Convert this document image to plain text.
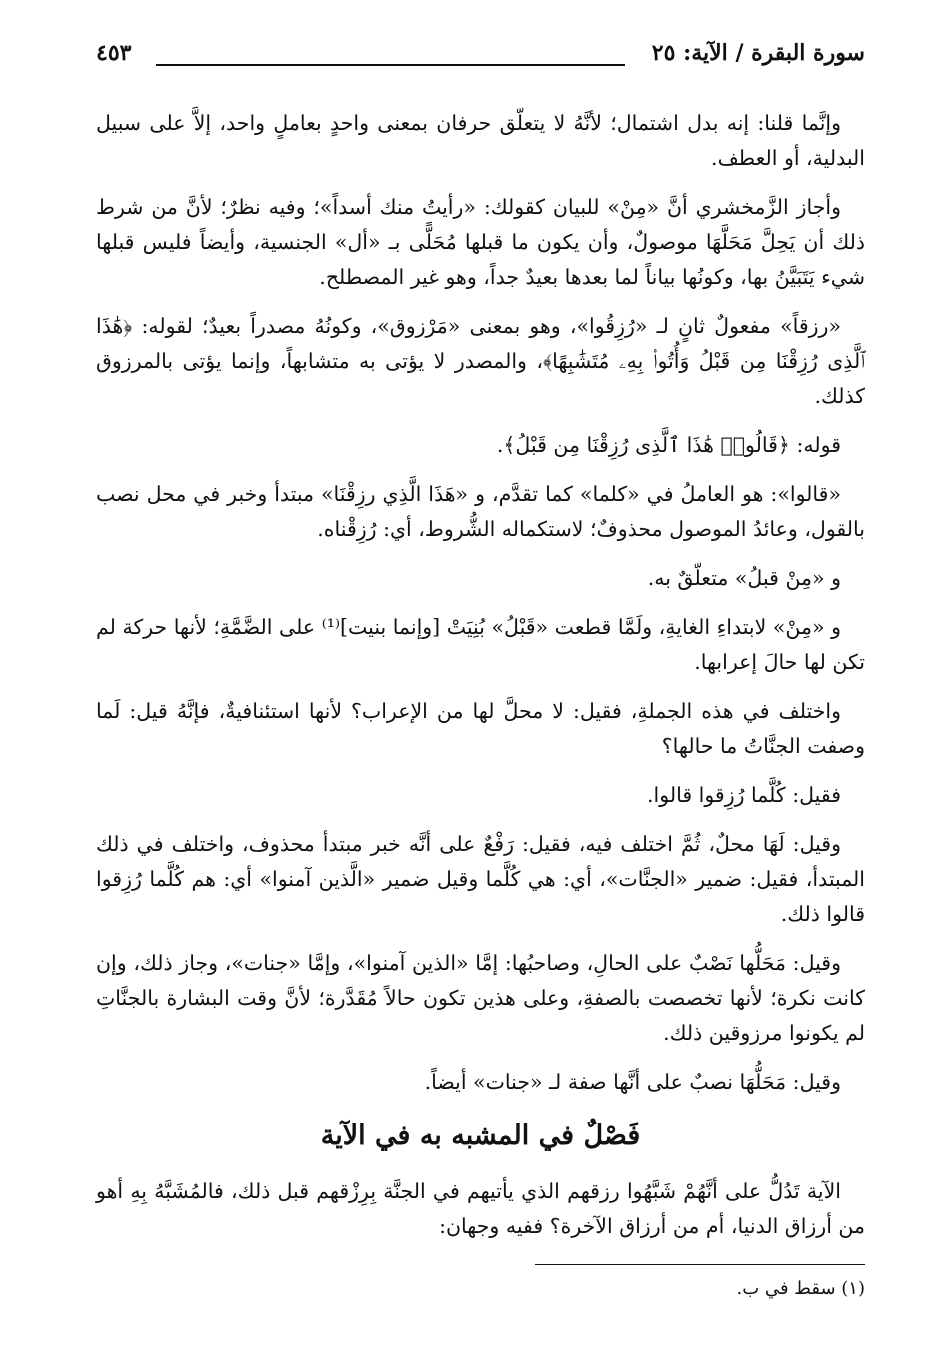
سورة البقرة / الآية: ٢٥
٤٥٣

وإنَّما قلنا: إنه بدل اشتمال؛ لأنَّهُ لا يتعلّق حرفان بمعنى واحدٍ بعاملٍ واحد، إلاَّ على سبيل البدلية، أو العطف.

وأجاز الزَّمخشري أنَّ «مِنْ» للبيان كقولك: «رأيتُ منك أسداً»؛ وفيه نظرٌ؛ لأنَّ من شرط ذلك أن يَحِلَّ مَحَلَّهَا موصولٌ، وأن يكون ما قبلها مُحَلًّى بـ «أل» الجنسية، وأيضاً فليس قبلها شيء يَتَبَيَّنُ بها، وكونُها بياناً لما بعدها بعيدٌ جداً، وهو غير المصطلح.

«رزقاً» مفعولٌ ثانٍ لـ «رُزِقُوا»، وهو بمعنى «مَرْزوق»، وكونُهُ مصدراً بعيدٌ؛ لقوله: ﴿هَٰذَا ٱلَّذِى رُزِقْنَا مِن قَبْلُ وَأُتُوا۟ بِهِۦ مُتَشَٰبِهًا﴾، والمصدر لا يؤتى به متشابهاً، وإنما يؤتى بالمرزوق كذلك.

قوله: ﴿قَالُوا۟ هَٰذَا ٱلَّذِى رُزِقْنَا مِن قَبْلُ﴾.

«قالوا»: هو العاملُ في «كلما» كما تقدَّم، و «هَذَا الَّذِي رزِقْنَا» مبتدأ وخبر في محل نصب بالقول، وعائدُ الموصول محذوفٌ؛ لاستكماله الشُّروط، أي: رُزِقْناه.

و «مِنْ قبلُ» متعلّقٌ به.

و «مِنْ» لابتداءِ الغايةِ، ولَمَّا قطعت «قَبْلُ» بُنِيَتْ [وإنما بنيت]⁽¹⁾ على الضَّمَّةِ؛ لأنها حركة لم تكن لها حالَ إعرابها.

واختلف في هذه الجملةِ، فقيل: لا محلَّ لها من الإعراب؟ لأنها استئنافيةٌ، فإنَّهُ قيل: لَما وصفت الجنَّاتُ ما حالها؟

فقيل: كُلَّما رُزِقوا قالوا.

وقيل: لَهَا محلٌ، ثُمَّ اختلف فيه، فقيل: رَفْعٌ على أنَّه خبر مبتدأ محذوف، واختلف في ذلك المبتدأ، فقيل: ضمير «الجنَّات»، أي: هي كُلَّما وقيل ضمير «الَّذين آمنوا» أي: هم كُلَّما رُزِقوا قالوا ذلك.

وقيل: مَحَلُّها نَصْبٌ على الحالِ، وصاحبُها: إمَّا «الذين آمنوا»، وإمَّا «جنات»، وجاز ذلك، وإن كانت نكرة؛ لأنها تخصصت بالصفةِ، وعلى هذين تكون حالاً مُقَدَّرة؛ لأنَّ وقت البشارة بالجنَّاتِ لم يكونوا مرزوقين ذلك.

وقيل: مَحَلُّهَا نصبٌ على أنَّها صفة لـ «جنات» أيضاً.

فَصْلٌ في المشبه به في الآية

الآية تَدُلُّ على أنَّهُمْ شَبَّهُوا رزقهم الذي يأتيهم في الجنَّة بِرِزْقهم قبل ذلك، فالمُشَبَّهُ بِهِ أهو من أرزاق الدنيا، أم من أرزاق الآخرة؟ ففيه وجهان:

(١) سقط في ب.
